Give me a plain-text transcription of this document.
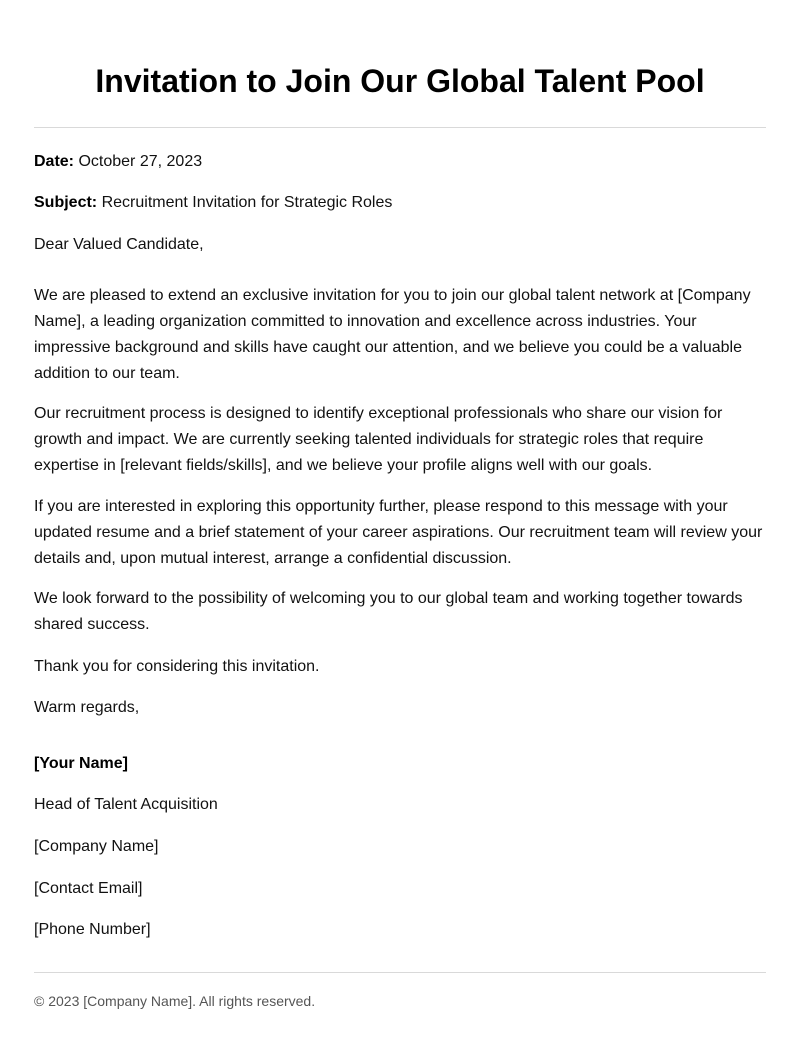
Invitation to Join Our Global Talent Pool

Date: October 27, 2023

Subject: Recruitment Invitation for Strategic Roles

Dear Valued Candidate,

We are pleased to extend an exclusive invitation for you to join our global talent network at [Company Name], a leading organization committed to innovation and excellence across industries. Your impressive background and skills have caught our attention, and we believe you could be a valuable addition to our team.

Our recruitment process is designed to identify exceptional professionals who share our vision for growth and impact. We are currently seeking talented individuals for strategic roles that require expertise in [relevant fields/skills], and we believe your profile aligns well with our goals.

If you are interested in exploring this opportunity further, please respond to this message with your updated resume and a brief statement of your career aspirations. Our recruitment team will review your details and, upon mutual interest, arrange a confidential discussion.

We look forward to the possibility of welcoming you to our global team and working together towards shared success.

Thank you for considering this invitation.

Warm regards,

[Your Name]

Head of Talent Acquisition

[Company Name]

[Contact Email]

[Phone Number]

© 2023 [Company Name]. All rights reserved.
